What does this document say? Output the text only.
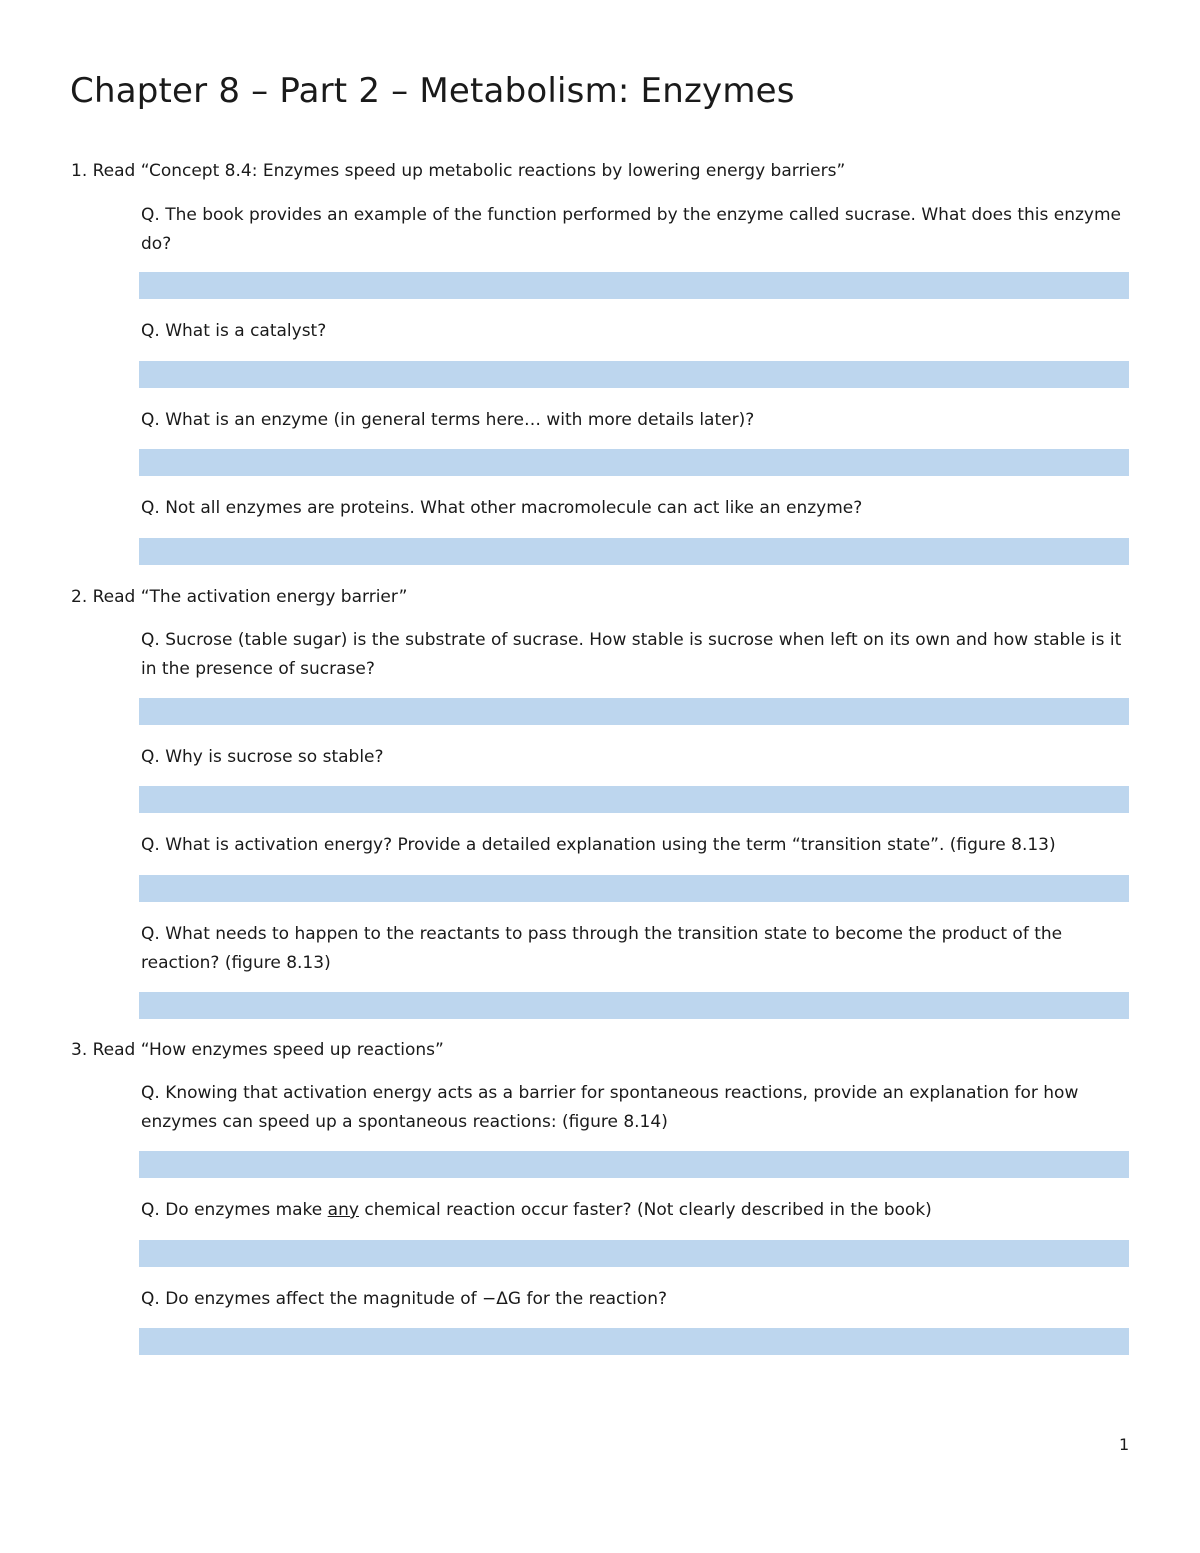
Chapter 8 – Part 2 – Metabolism: Enzymes

1. Read “Concept 8.4: Enzymes speed up metabolic reactions by lowering energy barriers”

Q. The book provides an example of the function performed by the enzyme called sucrase. What does this enzyme do?

Q. What is a catalyst?

Q. What is an enzyme (in general terms here… with more details later)?

Q. Not all enzymes are proteins. What other macromolecule can act like an enzyme?

2. Read “The activation energy barrier”

Q. Sucrose (table sugar) is the substrate of sucrase. How stable is sucrose when left on its own and how stable is it in the presence of sucrase?

Q. Why is sucrose so stable?

Q. What is activation energy? Provide a detailed explanation using the term “transition state”. (figure 8.13)

Q. What needs to happen to the reactants to pass through the transition state to become the product of the reaction? (figure 8.13)

3. Read “How enzymes speed up reactions”

Q. Knowing that activation energy acts as a barrier for spontaneous reactions, provide an explanation for how enzymes can speed up a spontaneous reactions: (figure 8.14)

Q. Do enzymes make any chemical reaction occur faster? (Not clearly described in the book)

Q. Do enzymes affect the magnitude of −ΔG for the reaction?

1
